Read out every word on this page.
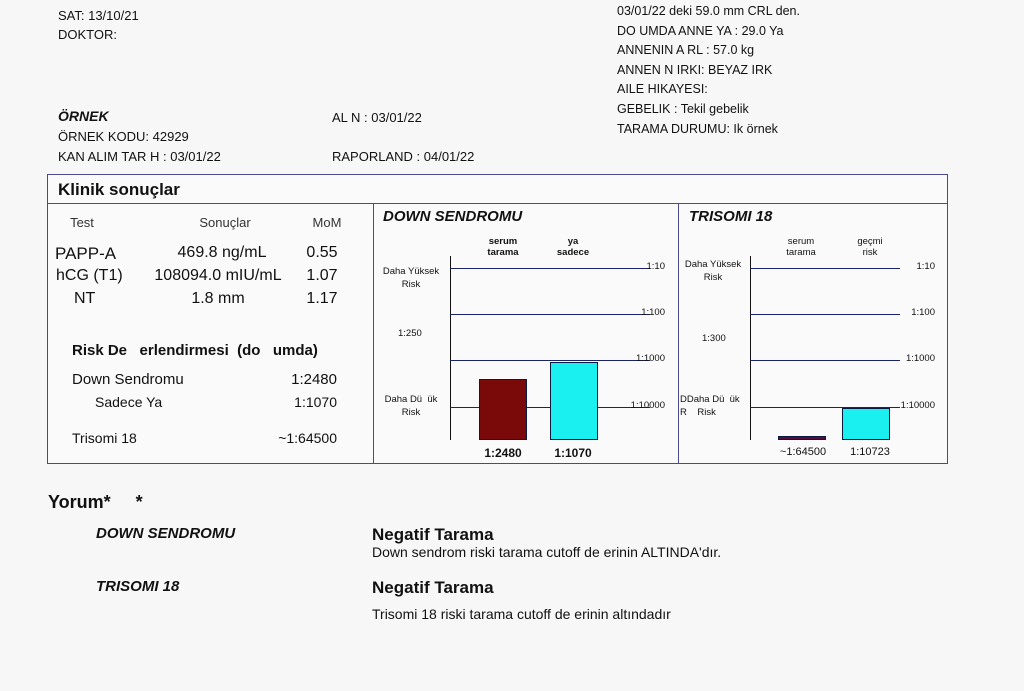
SAT: 13/10/21
DOKTOR:
03/01/22 deki 59.0 mm CRL den.
DO UMDA ANNE YA : 29.0 Ya
ANNENIN A RL : 57.0 kg
ANNEN N IRKI: BEYAZ IRK
AILE HIKAYESI:
GEBELIK : Tekil gebelik
TARAMA DURUMU: Ik örnek
ÖRNEK
ÖRNEK KODU: 42929
KAN ALIM TAR H : 03/01/22
AL N : 03/01/22
RAPORLAND : 04/01/22
Klinik sonuçlar
Test	Sonuçlar	MoM
PAPP-A	469.8 ng/mL 0.55
hCG (T1) 108094.0 mIU/mL 1.07
NT	1.8 mm	1.17
Risk De   erlendirmesi  (do   umda)
Down Sendromu	1:2480
Sadece Ya	1:1070
Trisomi 18	~1:64500
DOWN SENDROMU
serum
tarama
ya
sadece
Daha Yüksek
Risk
1:250
Daha Dü  ük
Risk
1:10
1:100
1:1000
1:10000
1:2480	1:1070
TRISOMI 18
serum
tarama
geçmi
risk
Daha Yüksek
Risk
1:300
DDaha Dü  ük
R    Risk
1:10
1:100
1:1000
1:10000
~1:64500 1:10723
Yorum*     *
DOWN SENDROMU	Negatif Tarama
Down sendrom riski tarama cutoff de erinin ALTINDA'dır.
TRISOMI 18	Negatif Tarama
Trisomi 18 riski tarama cutoff de erinin altındadır
